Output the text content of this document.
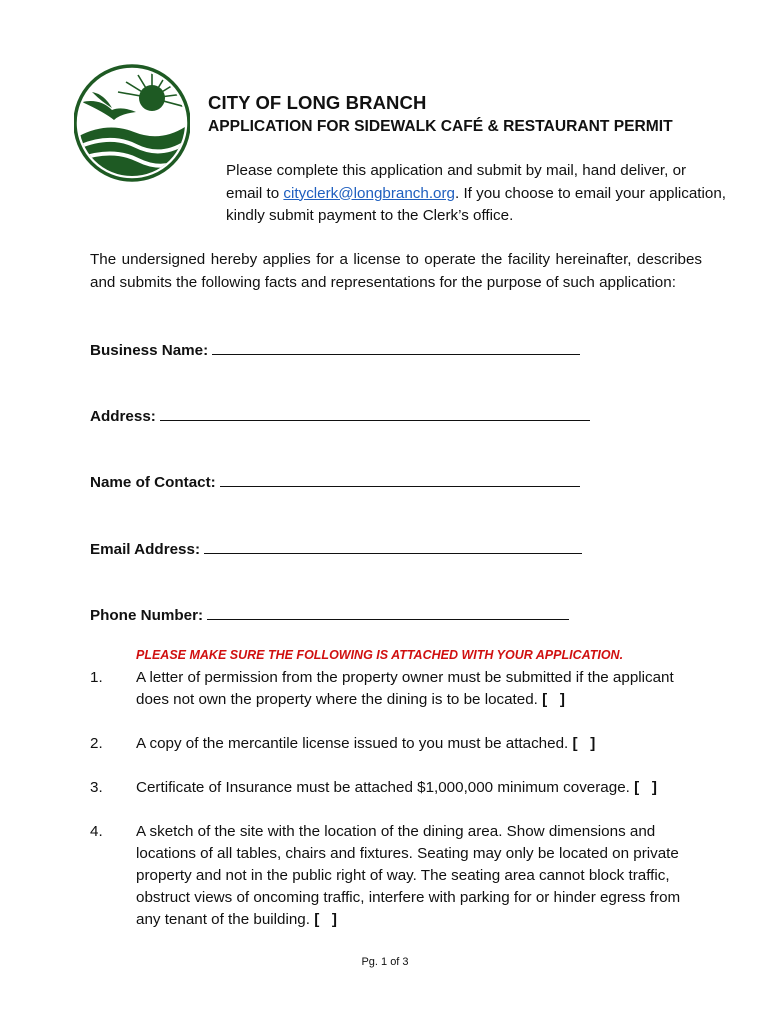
CITY OF LONG BRANCH
APPLICATION FOR SIDEWALK CAFÉ & RESTAURANT PERMIT
Please complete this application and submit by mail, hand deliver, or email to cityclerk@longbranch.org. If you choose to email your application, kindly submit payment to the Clerk’s office.
The undersigned hereby applies for a license to operate the facility hereinafter, describes and submits the following facts and representations for the purpose of such application:
Business Name:
Address:
Name of Contact:
Email Address:
Phone Number:
PLEASE MAKE SURE THE FOLLOWING IS ATTACHED WITH YOUR APPLICATION.
1. A letter of permission from the property owner must be submitted if the applicant does not own the property where the dining is to be located. [   ]
2. A copy of the mercantile license issued to you must be attached. [   ]
3. Certificate of Insurance must be attached $1,000,000 minimum coverage. [   ]
4. A sketch of the site with the location of the dining area. Show dimensions and locations of all tables, chairs and fixtures. Seating may only be located on private property and not in the public right of way. The seating area cannot block traffic, obstruct views of oncoming traffic, interfere with parking for or hinder egress from any tenant of the building. [   ]
Pg. 1 of 3
